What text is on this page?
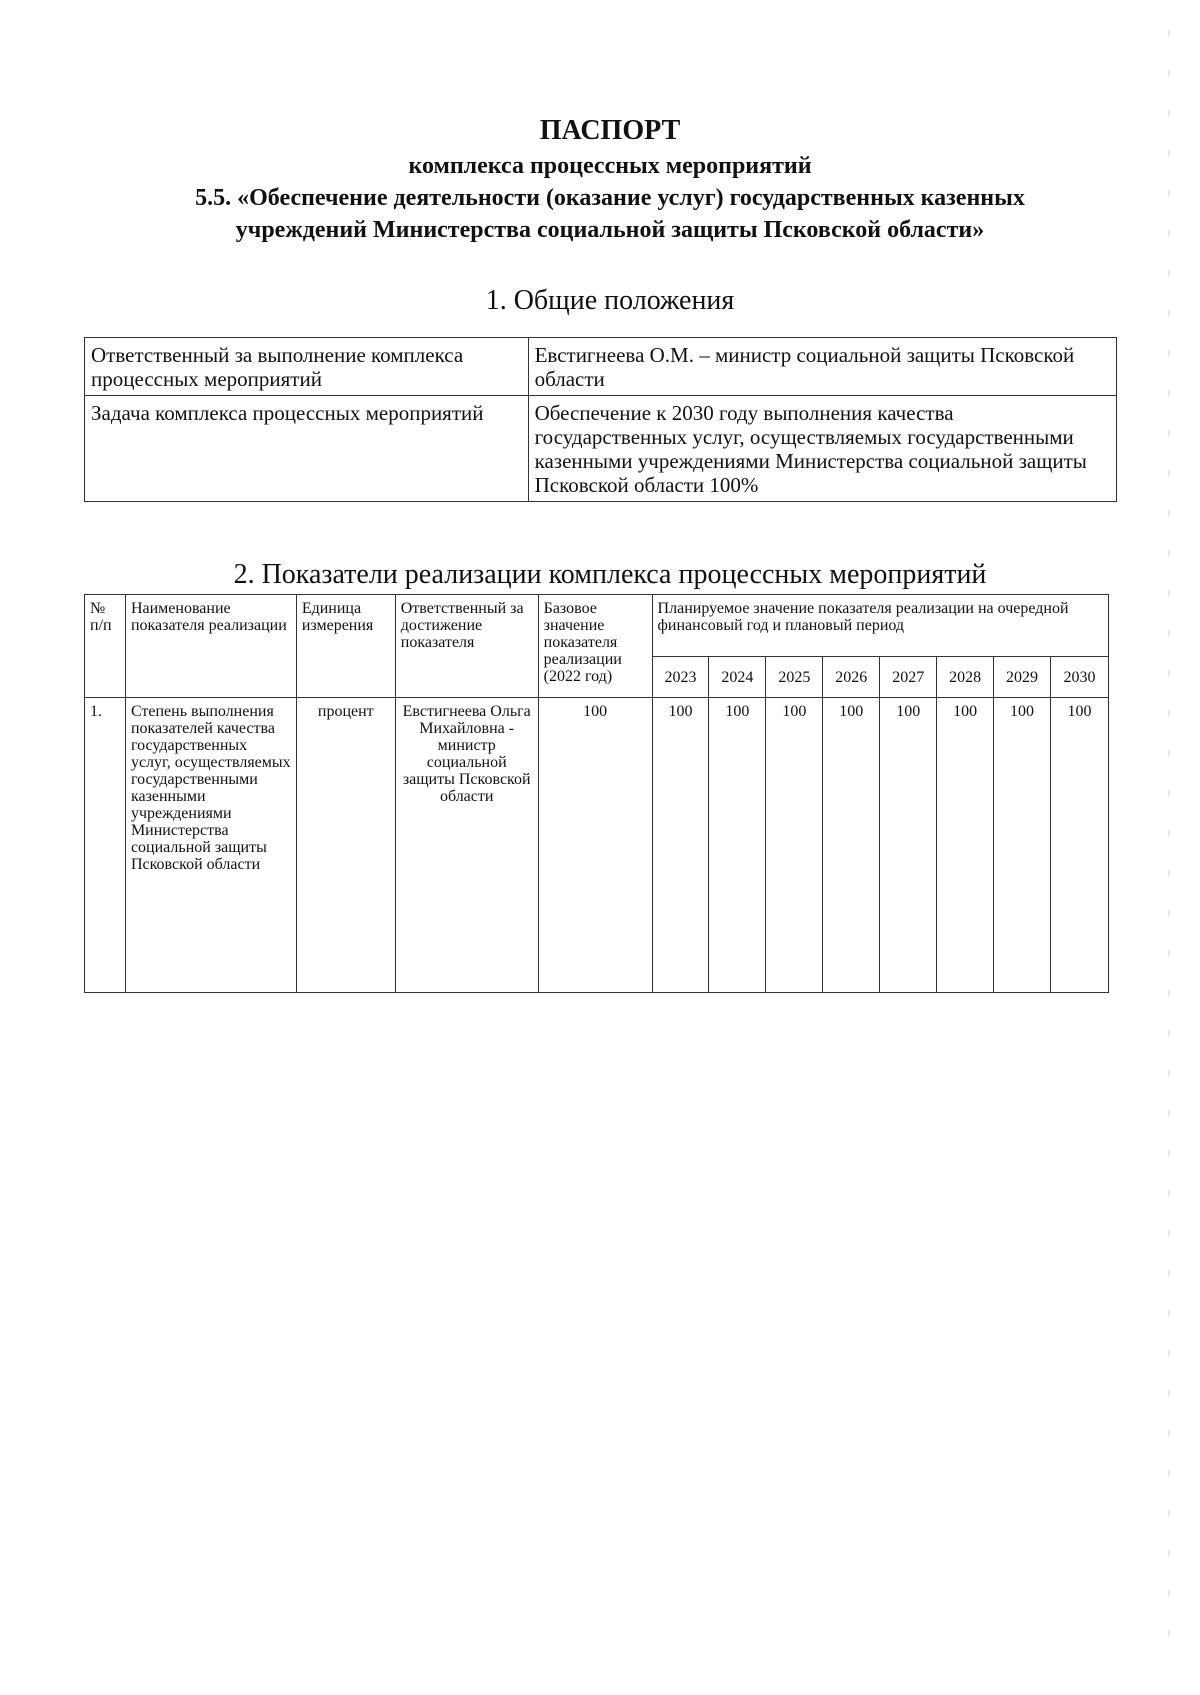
ПАСПОРТ
комплекса процессных мероприятий
5.5. «Обеспечение деятельности (оказание услуг) государственных казенных
учреждений Министерства социальной защиты Псковской области»
1. Общие положения
Ответственный за выполнение комплекса процессных мероприятий	Евстигнеева О.М. – министр социальной защиты Псковской области
Задача комплекса процессных мероприятий	Обеспечение к 2030 году выполнения качества государственных услуг, осуществляемых государственными казенными учреждениями Министерства социальной защиты Псковской области 100%
2. Показатели реализации комплекса процессных мероприятий
№ п/п	Наименование показателя реализации	Единица измерения	Ответственный за достижение показателя	Базовое значение показателя реализации (2022 год)	Планируемое значение показателя реализации на очередной финансовый год и плановый период							
					2023	2024	2025	2026	2027	2028	2029	2030
1.	Степень выполнения показателей качества государственных услуг, осуществляемых государственными казенными учреждениями Министерства социальной защиты Псковской области	процент	Евстигнеева Ольга Михайловна - министр социальной защиты Псковской области	100	100	100	100	100	100	100	100	100
